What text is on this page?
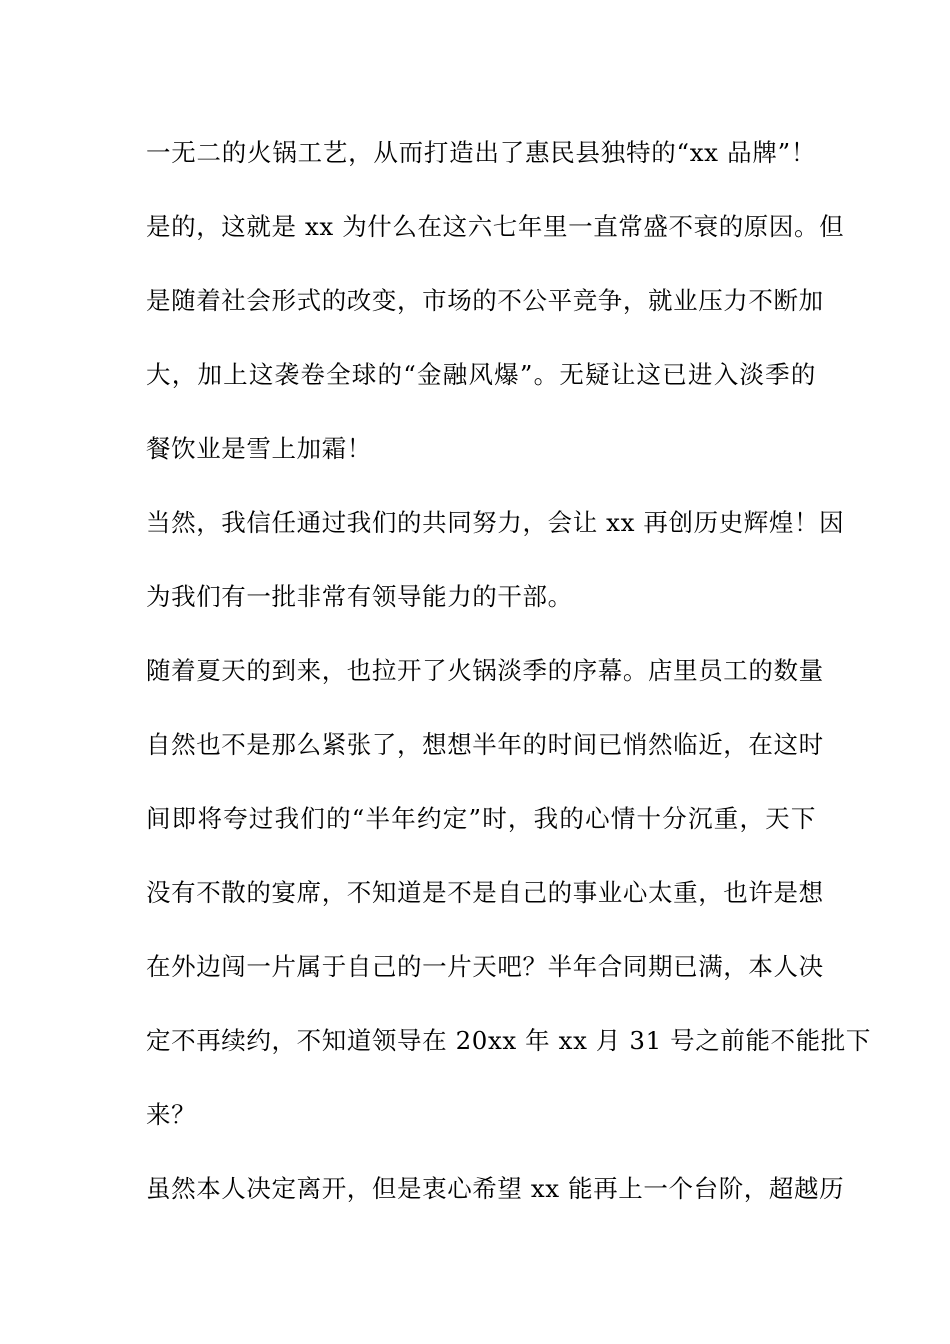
一无二的火锅工艺，从而打造出了惠民县独特的“xx 品牌”！
是的，这就是 xx 为什么在这六七年里一直常盛不衰的原因。但
是随着社会形式的改变，市场的不公平竞争，就业压力不断加
大，加上这袭卷全球的“金融风爆”。无疑让这已进入淡季的
餐饮业是雪上加霜！
当然，我信任通过我们的共同努力，会让 xx 再创历史辉煌！因
为我们有一批非常有领导能力的干部。
随着夏天的到来，也拉开了火锅淡季的序幕。店里员工的数量
自然也不是那么紧张了，想想半年的时间已悄然临近，在这时
间即将夸过我们的“半年约定”时，我的心情十分沉重，天下
没有不散的宴席，不知道是不是自己的事业心太重，也许是想
在外边闯一片属于自己的一片天吧？半年合同期已满，本人决
定不再续约，不知道领导在 20xx 年 xx 月 31 号之前能不能批下
来？
虽然本人决定离开，但是衷心希望 xx 能再上一个台阶，超越历
